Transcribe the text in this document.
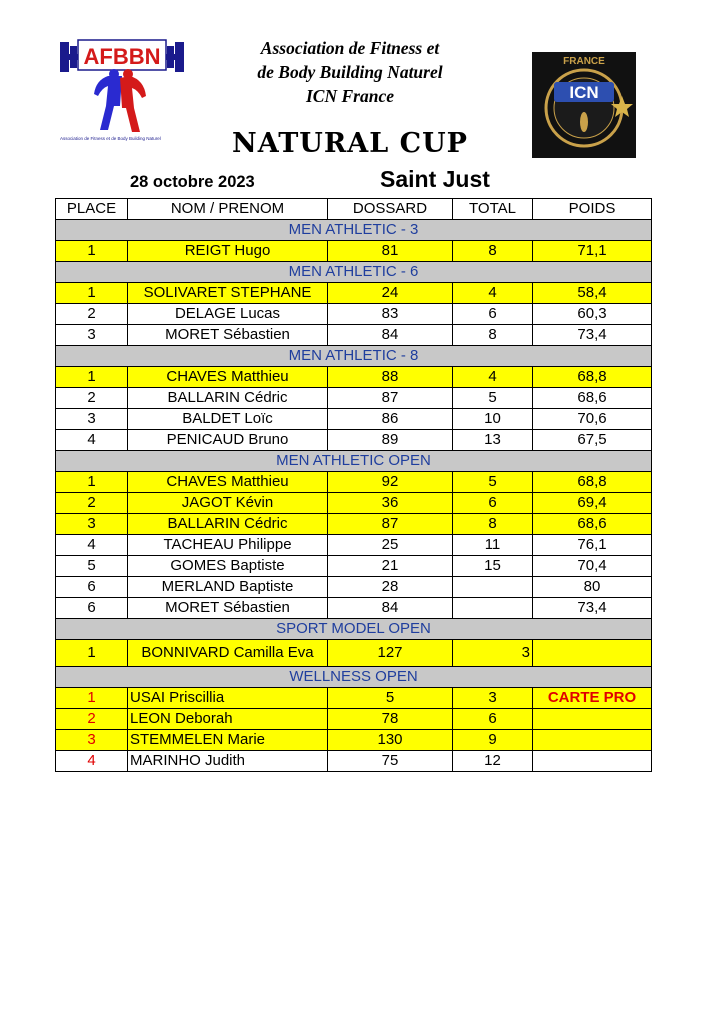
AFBBN
Association de Fitness et de Body Building Naturel
Association de Fitness et
de Body Building Naturel
ICN France	ICN
FRANCE
NATURAL CUP
28 octobre 2023	Saint Just
PLACE	NOM / PRENOM	DOSSARD	TOTAL	POIDS
MEN ATHLETIC - 3				
1	REIGT Hugo	81	8	71,1
MEN ATHLETIC - 6				
1	SOLIVARET STEPHANE	24	4	58,4
2	DELAGE Lucas	83	6	60,3
3	MORET Sébastien	84	8	73,4
MEN ATHLETIC - 8				
1	CHAVES Matthieu	88	4	68,8
2	BALLARIN Cédric	87	5	68,6
3	BALDET Loïc	86	10	70,6
4	PENICAUD Bruno	89	13	67,5
MEN ATHLETIC OPEN				
1	CHAVES Matthieu	92	5	68,8
2	JAGOT Kévin	36	6	69,4
3	BALLARIN Cédric	87	8	68,6
4	TACHEAU Philippe	25	11	76,1
5	GOMES Baptiste	21	15	70,4
6	MERLAND Baptiste	28		80
6	MORET Sébastien	84		73,4
SPORT MODEL OPEN				
1	BONNIVARD Camilla Eva	127	3	
WELLNESS OPEN				
1	USAI Priscillia	5	3	CARTE PRO
2	LEON Deborah	78	6	
3	STEMMELEN Marie	130	9	
4	MARINHO Judith	75	12	
